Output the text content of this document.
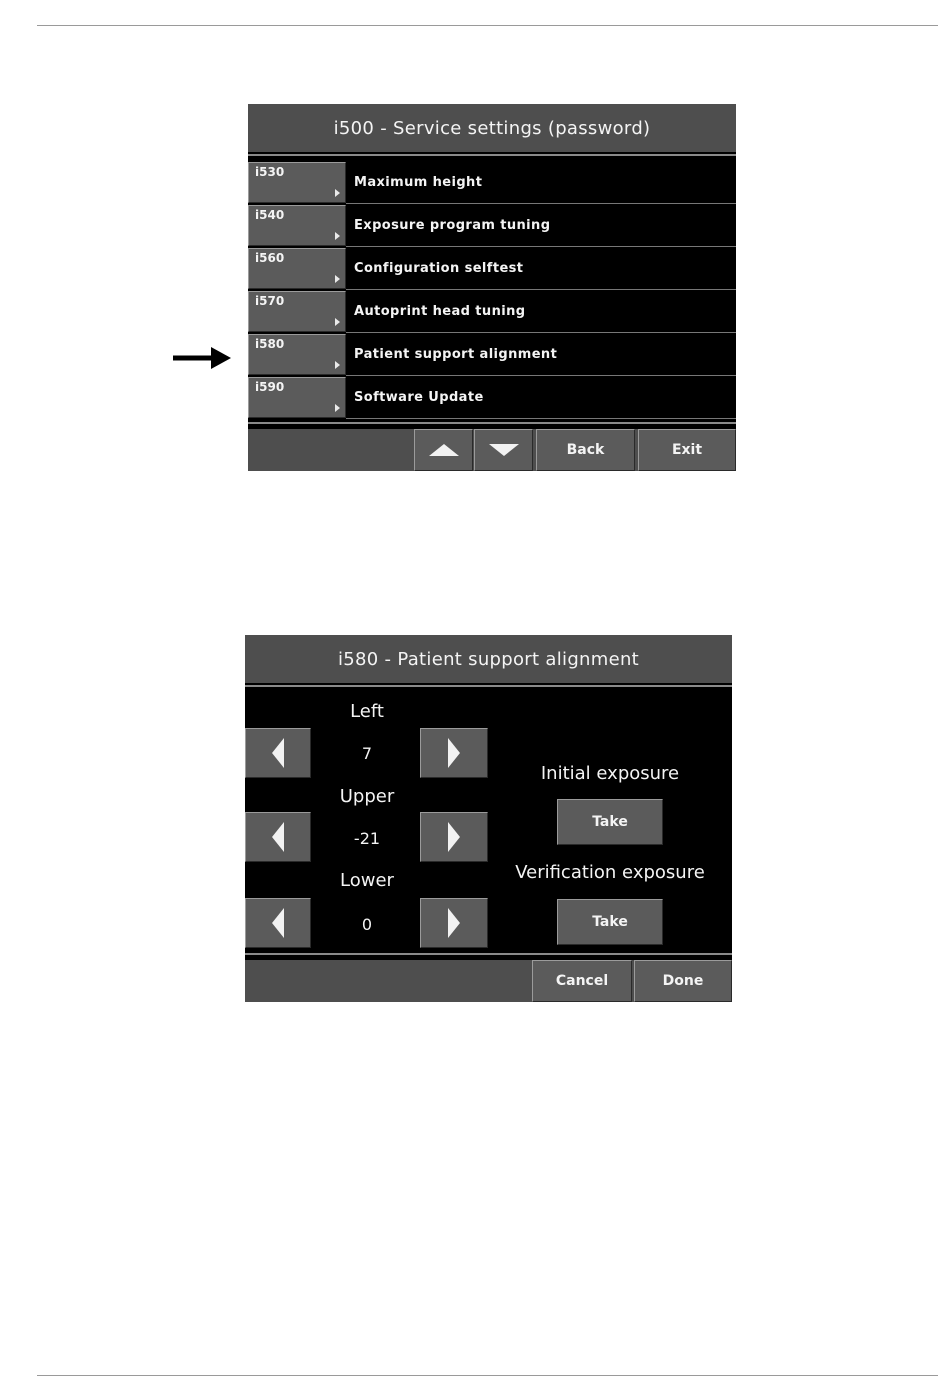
i500 - Service settings (password)
i530
Maximum height
i540
Exposure program tuning
i560
Configuration selftest
i570
Autoprint head tuning
i580
Patient support alignment
i590
Software Update
Back	Exit
i580 - Patient support alignment
Left
7
Upper
-21
Lower
0
Initial exposure
Take
Verification exposure
Take
Cancel	Done
